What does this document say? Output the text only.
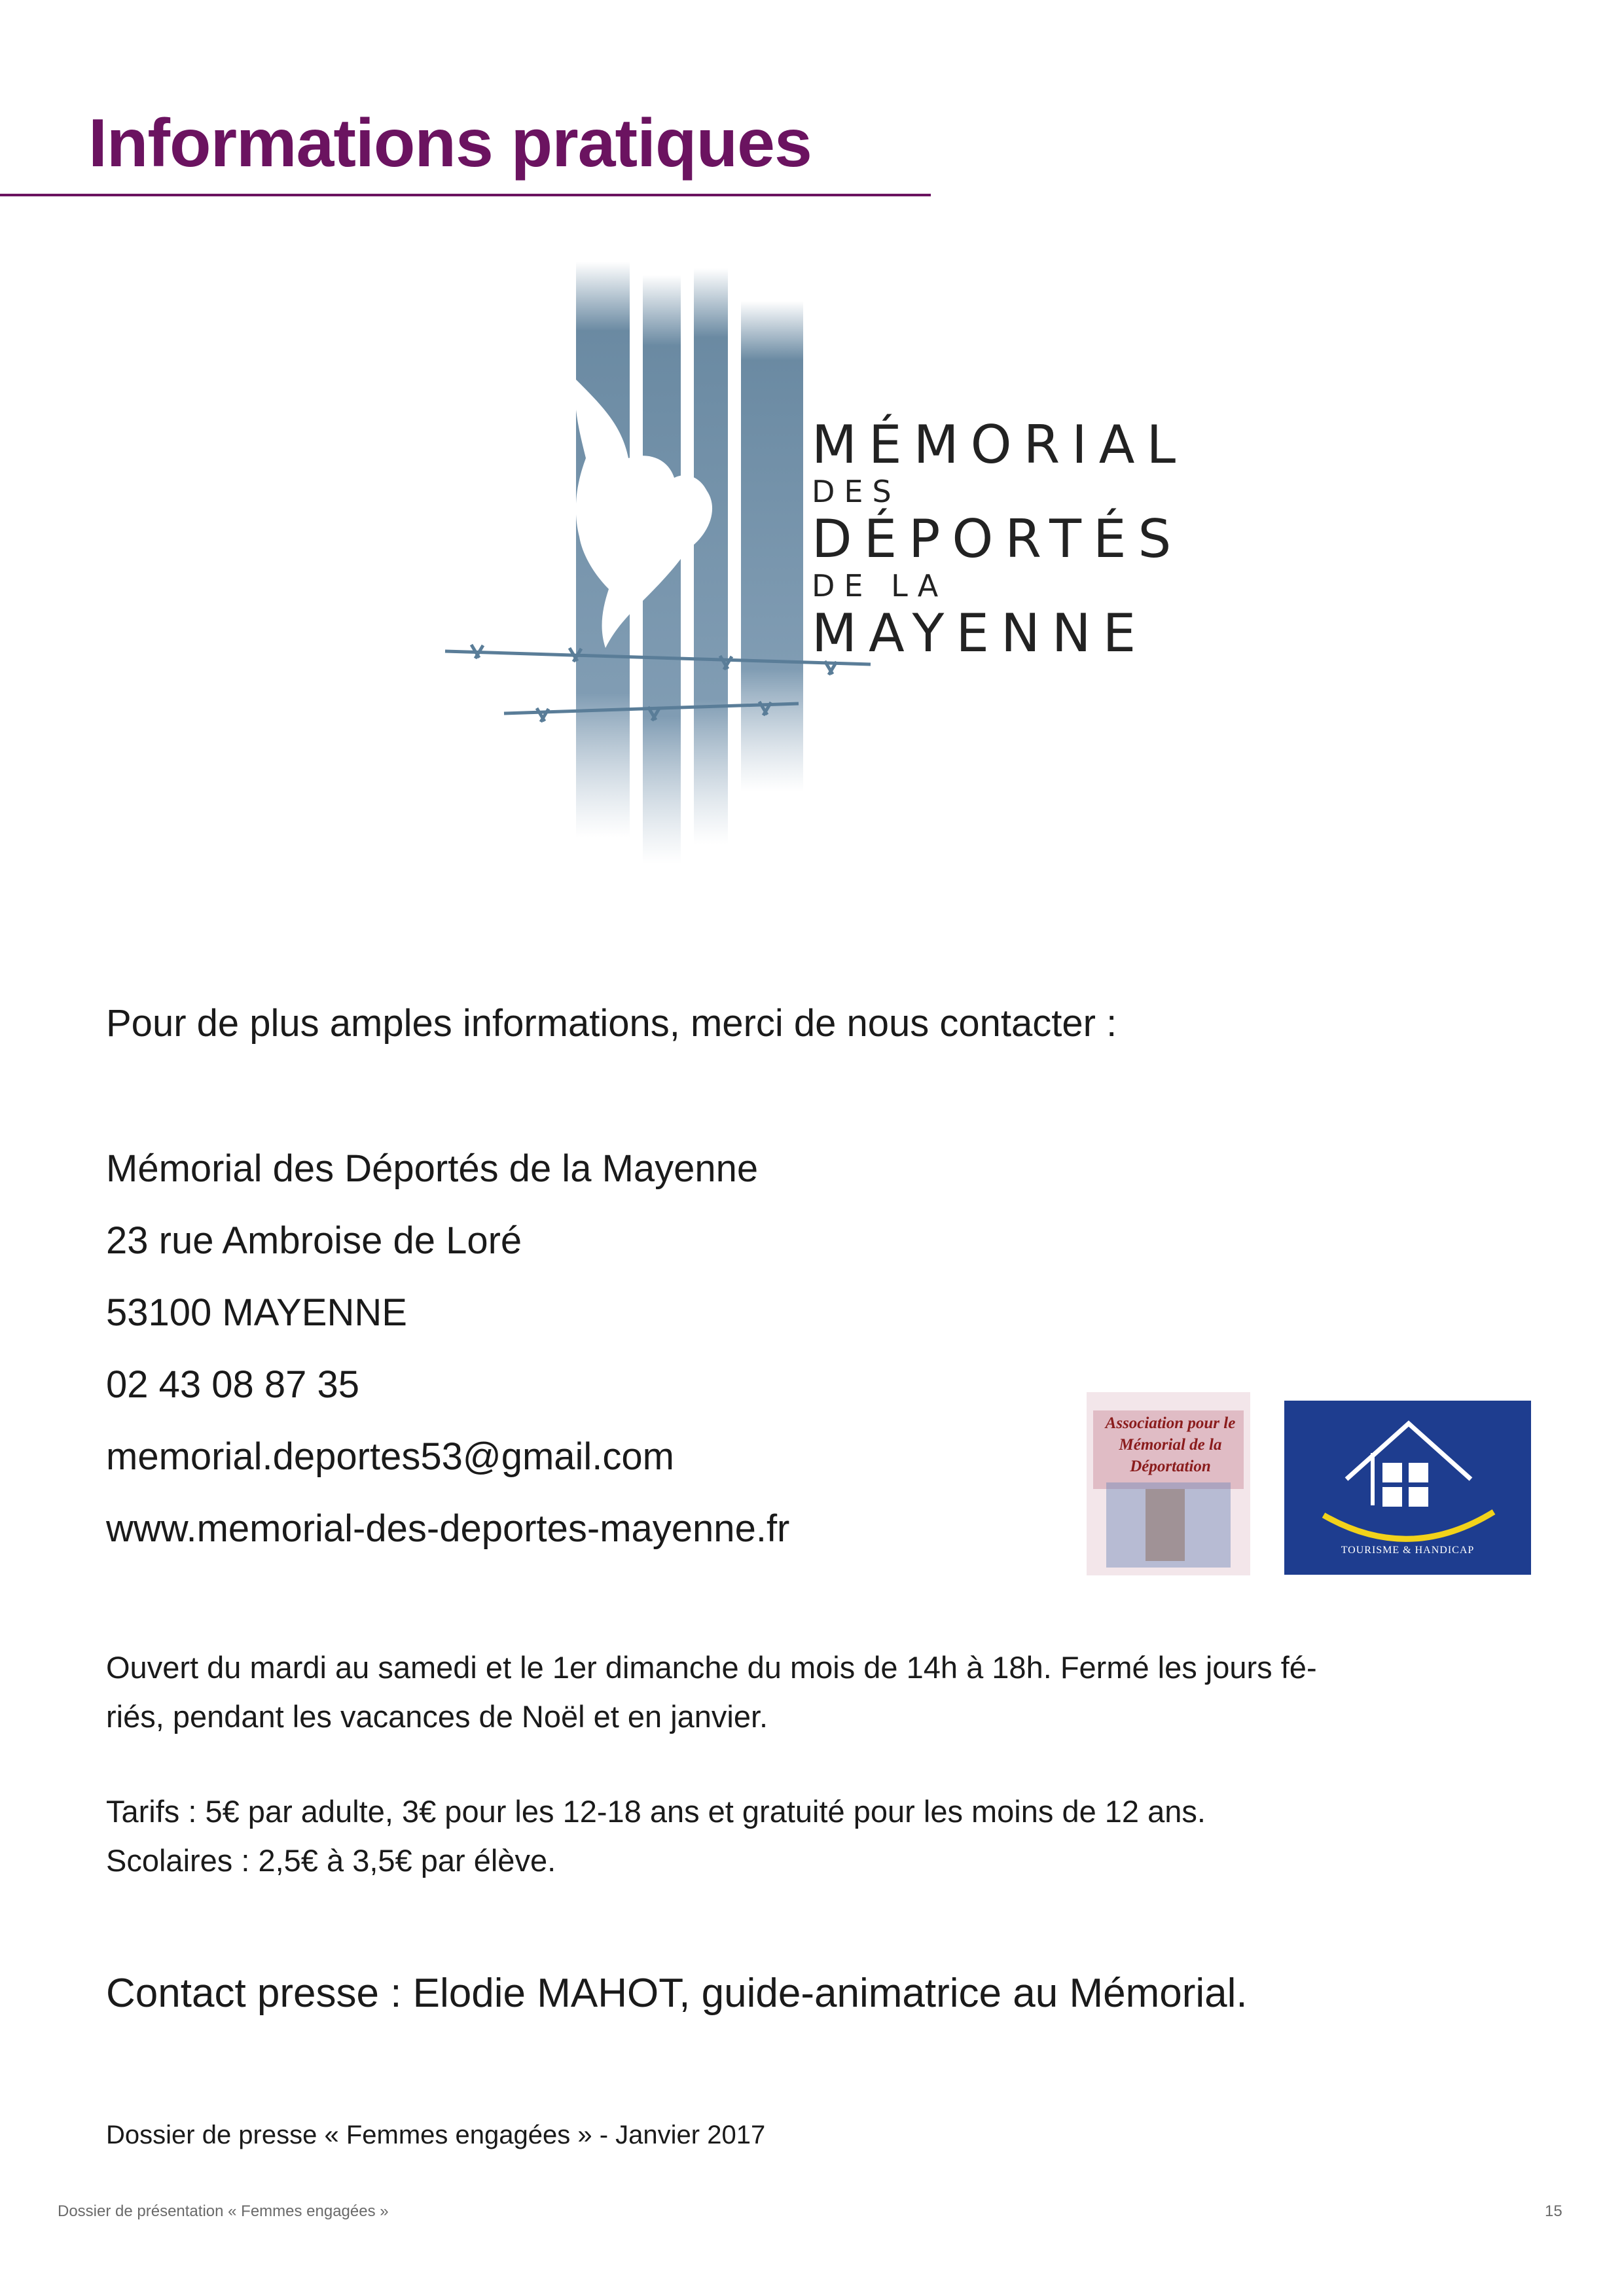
Informations pratiques
MÉMORIAL
DES
DÉPORTÉS
DE LA
MAYENNE

Pour de plus amples informations, merci de nous contacter :

Mémorial des Déportés de la Mayenne

23 rue Ambroise de Loré

53100 MAYENNE

02 43 08 87 35

memorial.deportes53@gmail.com

www.memorial-des-deportes-mayenne.fr

Association pour le Mémorial de la Déportation
TOURISME & HANDICAP

Ouvert du mardi au samedi et le 1er dimanche du mois de 14h à 18h. Fermé les jours fé-
riés, pendant les vacances de Noël et en janvier.

Tarifs : 5€ par adulte, 3€ pour les 12-18 ans et gratuité pour les moins de 12 ans.
Scolaires : 2,5€ à 3,5€ par élève.

Contact presse : Elodie MAHOT, guide-animatrice au Mémorial.

Dossier de presse « Femmes engagées » - Janvier 2017

Dossier de présentation « Femmes engagées »	15
